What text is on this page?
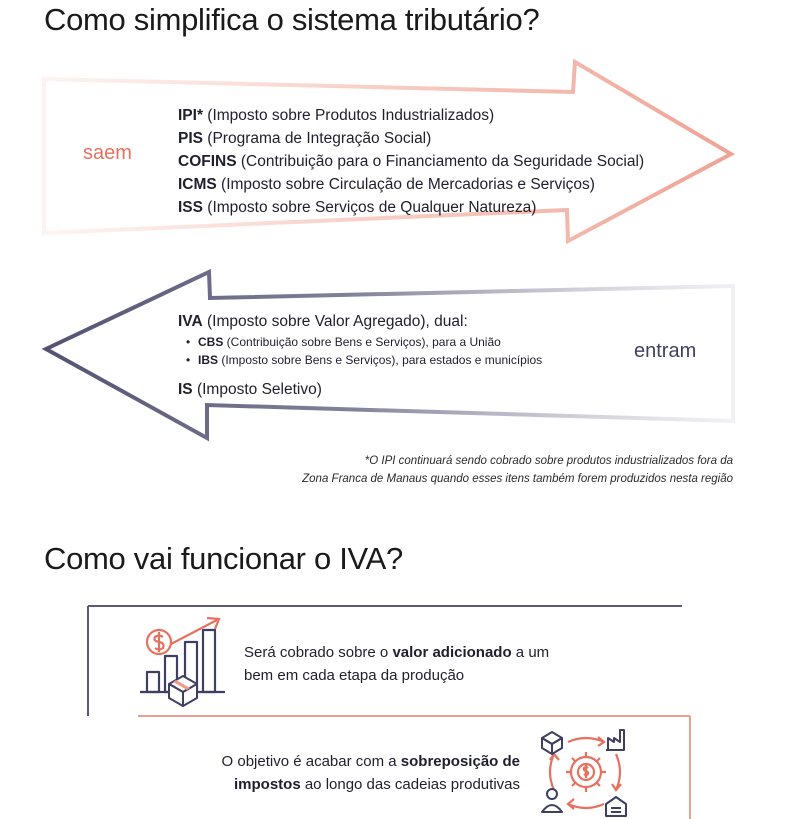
Como simplifica o sistema tributário?
saem
IPI* (Imposto sobre Produtos Industrializados)
PIS (Programa de Integração Social)
COFINS (Contribuição para o Financiamento da Seguridade Social)
ICMS (Imposto sobre Circulação de Mercadorias e Serviços)
ISS (Imposto sobre Serviços de Qualquer Natureza)
IVA (Imposto sobre Valor Agregado), dual:
• CBS (Contribuição sobre Bens e Serviços), para a União
• IBS (Imposto sobre Bens e Serviços), para estados e municípios
IS (Imposto Seletivo)
entram
*O IPI continuará sendo cobrado sobre produtos industrializados fora da
Zona Franca de Manaus quando esses itens também forem produzidos nesta região
Como vai funcionar o IVA?
Será cobrado sobre o valor adicionado a um bem em cada etapa da produção
O objetivo é acabar com a sobreposição de
impostos ao longo das cadeias produtivas
